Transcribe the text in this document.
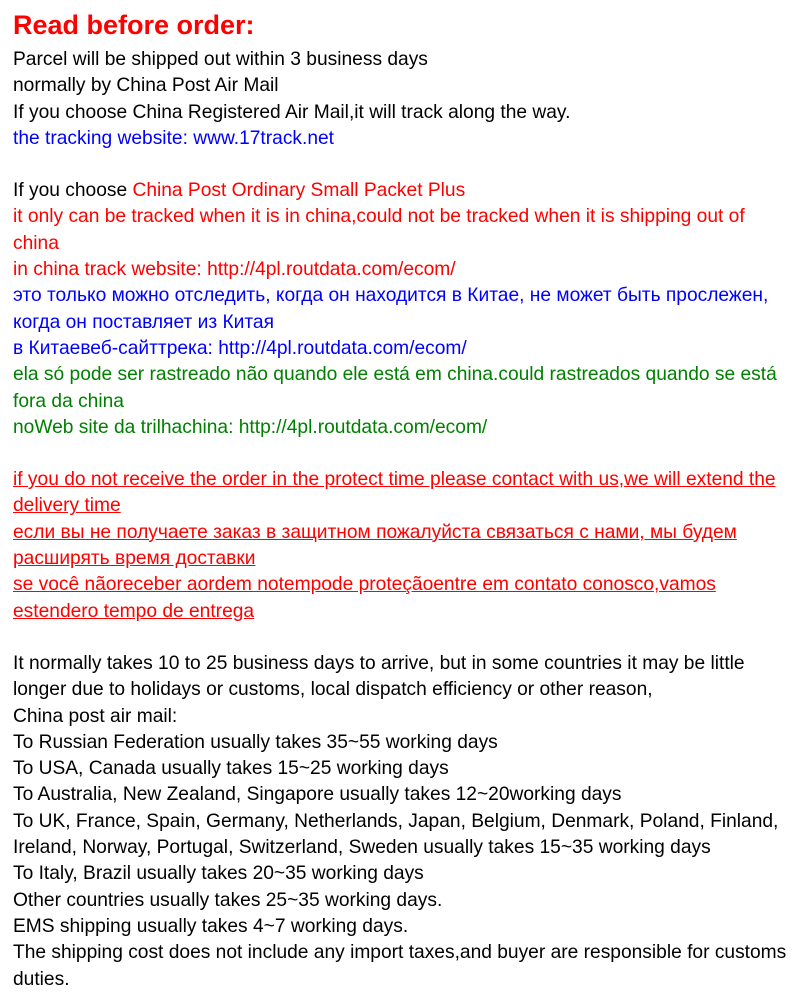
Read before order:
Parcel will be shipped out within 3 business days
normally by China Post Air Mail
If you choose China Registered Air Mail,it will track along the way.
the tracking website: www.17track.net
If you choose China Post Ordinary Small Packet Plus
it only can be tracked when it is in china,could not be tracked when it is shipping out of china
in china track website: http://4pl.routdata.com/ecom/
это только можно отследить, когда он находится в Китае, не может быть прослежен, когда он поставляет из Китая
в Китаевеб-сайттрека: http://4pl.routdata.com/ecom/
ela só pode ser rastreado não quando ele está em china.could rastreados quando se está fora da china
noWeb site da trilhachina: http://4pl.routdata.com/ecom/
if you do not receive the order in the protect time please contact with us,we will extend the delivery time
если вы не получаете заказ в защитном пожалуйста связаться с нами, мы будем расширять время доставки
se você nãoreceber aordem notempode proteçãoentre em contato conosco,vamos estendero tempo de entrega
It normally takes 10 to 25 business days to arrive, but in some countries it may be little longer due to holidays or customs, local dispatch efficiency or other reason,
China post air mail:
To Russian Federation usually takes 35~55 working days
To USA, Canada usually takes 15~25 working days
To Australia, New Zealand, Singapore usually takes 12~20working days
To UK, France, Spain, Germany, Netherlands, Japan, Belgium, Denmark, Poland, Finland, Ireland, Norway, Portugal, Switzerland, Sweden usually takes 15~35 working days
To Italy, Brazil usually takes 20~35 working days
Other countries usually takes 25~35 working days.
EMS shipping usually takes 4~7 working days.
The shipping cost does not include any import taxes,and buyer are responsible for customs duties.
